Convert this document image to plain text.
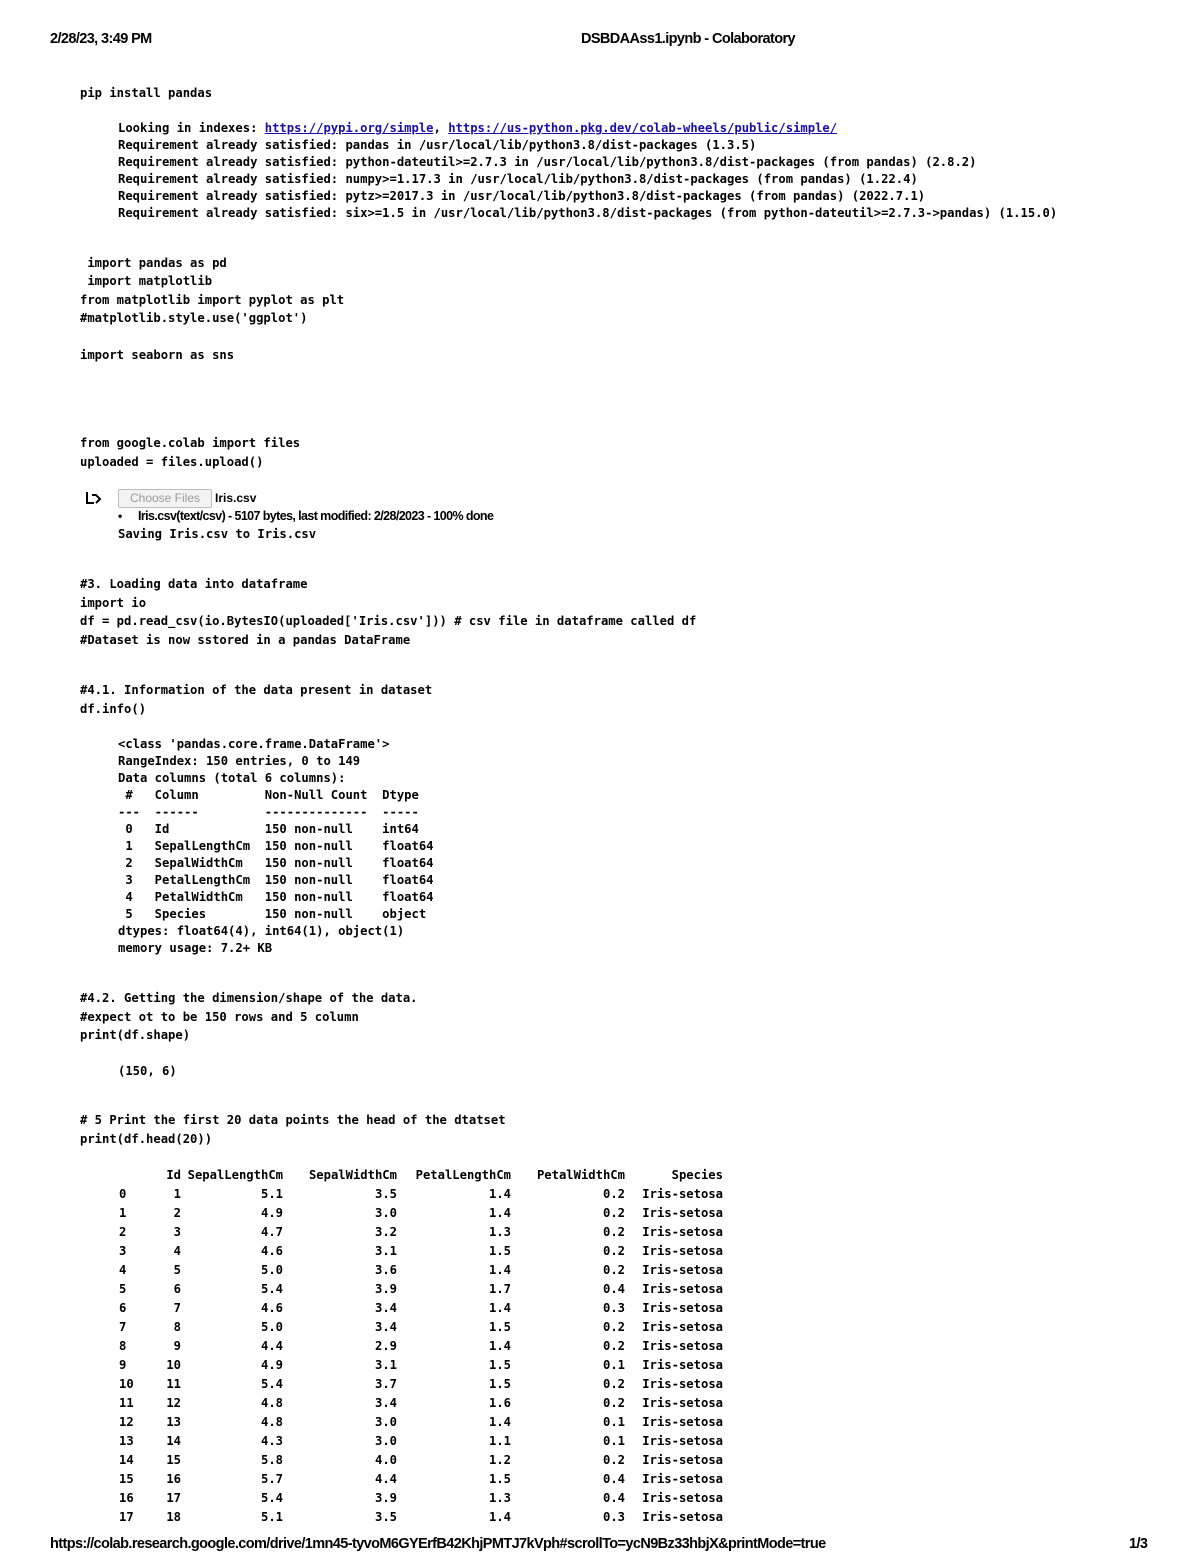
2/28/23, 3:49 PM	DSBDAAss1.ipynb - Colaboratory
pip install pandas
Looking in indexes: https://pypi.org/simple, https://us-python.pkg.dev/colab-wheels/public/simple/
Requirement already satisfied: pandas in /usr/local/lib/python3.8/dist-packages (1.3.5)
Requirement already satisfied: python-dateutil>=2.7.3 in /usr/local/lib/python3.8/dist-packages (from pandas) (2.8.2)
Requirement already satisfied: numpy>=1.17.3 in /usr/local/lib/python3.8/dist-packages (from pandas) (1.22.4)
Requirement already satisfied: pytz>=2017.3 in /usr/local/lib/python3.8/dist-packages (from pandas) (2022.7.1)
Requirement already satisfied: six>=1.5 in /usr/local/lib/python3.8/dist-packages (from python-dateutil>=2.7.3->pandas) (1.15.0)
import pandas as pd
import matplotlib
from matplotlib import pyplot as plt
#matplotlib.style.use('ggplot')
import seaborn as sns
from google.colab import files
uploaded = files.upload()
Choose Files	Iris.csv
• Iris.csv(text/csv) - 5107 bytes, last modified: 2/28/2023 - 100% done
Saving Iris.csv to Iris.csv
#3. Loading data into dataframe
import io
df = pd.read_csv(io.BytesIO(uploaded['Iris.csv'])) # csv file in dataframe called df
#Dataset is now sstored in a pandas DataFrame
#4.1. Information of the data present in dataset
df.info()
<class 'pandas.core.frame.DataFrame'>
RangeIndex: 150 entries, 0 to 149
Data columns (total 6 columns):
#   Column         Non-Null Count  Dtype
---  ------         --------------  -----
0   Id             150 non-null    int64
1   SepalLengthCm  150 non-null    float64
2   SepalWidthCm   150 non-null    float64
3   PetalLengthCm  150 non-null    float64
4   PetalWidthCm   150 non-null    float64
5   Species        150 non-null    object
dtypes: float64(4), int64(1), object(1)
memory usage: 7.2+ KB
#4.2. Getting the dimension/shape of the data.
#expect ot to be 150 rows and 5 column
print(df.shape)
(150, 6)
# 5 Print the first 20 data points the head of the dtatset
print(df.head(20))
	Id	SepalLengthCm	SepalWidthCm	PetalLengthCm	PetalWidthCm	Species
0	1	5.1	3.5	1.4	0.2	Iris-setosa
1	2	4.9	3.0	1.4	0.2	Iris-setosa
2	3	4.7	3.2	1.3	0.2	Iris-setosa
3	4	4.6	3.1	1.5	0.2	Iris-setosa
4	5	5.0	3.6	1.4	0.2	Iris-setosa
5	6	5.4	3.9	1.7	0.4	Iris-setosa
6	7	4.6	3.4	1.4	0.3	Iris-setosa
7	8	5.0	3.4	1.5	0.2	Iris-setosa
8	9	4.4	2.9	1.4	0.2	Iris-setosa
9	10	4.9	3.1	1.5	0.1	Iris-setosa
10	11	5.4	3.7	1.5	0.2	Iris-setosa
11	12	4.8	3.4	1.6	0.2	Iris-setosa
12	13	4.8	3.0	1.4	0.1	Iris-setosa
13	14	4.3	3.0	1.1	0.1	Iris-setosa
14	15	5.8	4.0	1.2	0.2	Iris-setosa
15	16	5.7	4.4	1.5	0.4	Iris-setosa
16	17	5.4	3.9	1.3	0.4	Iris-setosa
17	18	5.1	3.5	1.4	0.3	Iris-setosa
https://colab.research.google.com/drive/1mn45-tyvoM6GYErfB42KhjPMTJ7kVph#scrollTo=ycN9Bz33hbjX&printMode=true	1/3
